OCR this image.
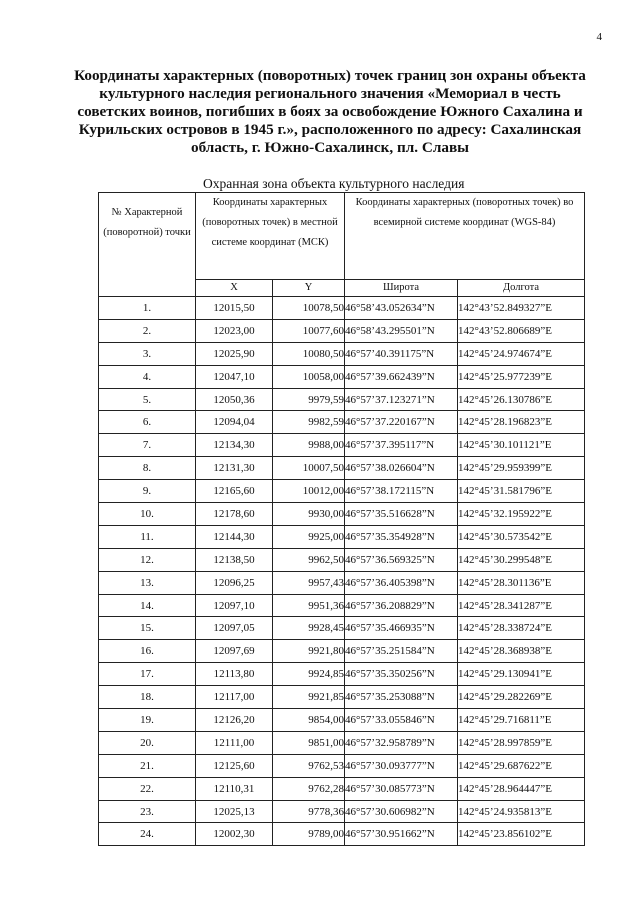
4
Координаты характерных (поворотных) точек границ зон охраны объекта культурного наследия регионального значения «Мемориал в честь советских воинов, погибших в боях за освобождение Южного Сахалина и Курильских островов в 1945 г.», расположенного по адресу: Сахалинская область, г. Южно-Сахалинск, пл. Славы
Охранная зона объекта культурного наследия
№ Характерной (поворотной) точки	Координаты характерных (поворотных точек) в местной системе координат (МСК)		Координаты характерных (поворотных точек) во всемирной системе координат (WGS-84)	
	X	Y	Широта	Долгота
1.	12015,50	10078,50	46°58’43.052634”N	142°43’52.849327”E
2.	12023,00	10077,60	46°58’43.295501”N	142°43’52.806689”E
3.	12025,90	10080,50	46°57’40.391175”N	142°45’24.974674”E
4.	12047,10	10058,00	46°57’39.662439”N	142°45’25.977239”E
5.	12050,36	9979,59	46°57’37.123271”N	142°45’26.130786”E
6.	12094,04	9982,59	46°57’37.220167”N	142°45’28.196823”E
7.	12134,30	9988,00	46°57’37.395117”N	142°45’30.101121”E
8.	12131,30	10007,50	46°57’38.026604”N	142°45’29.959399”E
9.	12165,60	10012,00	46°57’38.172115”N	142°45’31.581796”E
10.	12178,60	9930,00	46°57’35.516628”N	142°45’32.195922”E
11.	12144,30	9925,00	46°57’35.354928”N	142°45’30.573542”E
12.	12138,50	9962,50	46°57’36.569325”N	142°45’30.299548”E
13.	12096,25	9957,43	46°57’36.405398”N	142°45’28.301136”E
14.	12097,10	9951,36	46°57’36.208829”N	142°45’28.341287”E
15.	12097,05	9928,45	46°57’35.466935”N	142°45’28.338724”E
16.	12097,69	9921,80	46°57’35.251584”N	142°45’28.368938”E
17.	12113,80	9924,85	46°57’35.350256”N	142°45’29.130941”E
18.	12117,00	9921,85	46°57’35.253088”N	142°45’29.282269”E
19.	12126,20	9854,00	46°57’33.055846”N	142°45’29.716811”E
20.	12111,00	9851,00	46°57’32.958789”N	142°45’28.997859”E
21.	12125,60	9762,53	46°57’30.093777”N	142°45’29.687622”E
22.	12110,31	9762,28	46°57’30.085773”N	142°45’28.964447”E
23.	12025,13	9778,36	46°57’30.606982”N	142°45’24.935813”E
24.	12002,30	9789,00	46°57’30.951662”N	142°45’23.856102”E
